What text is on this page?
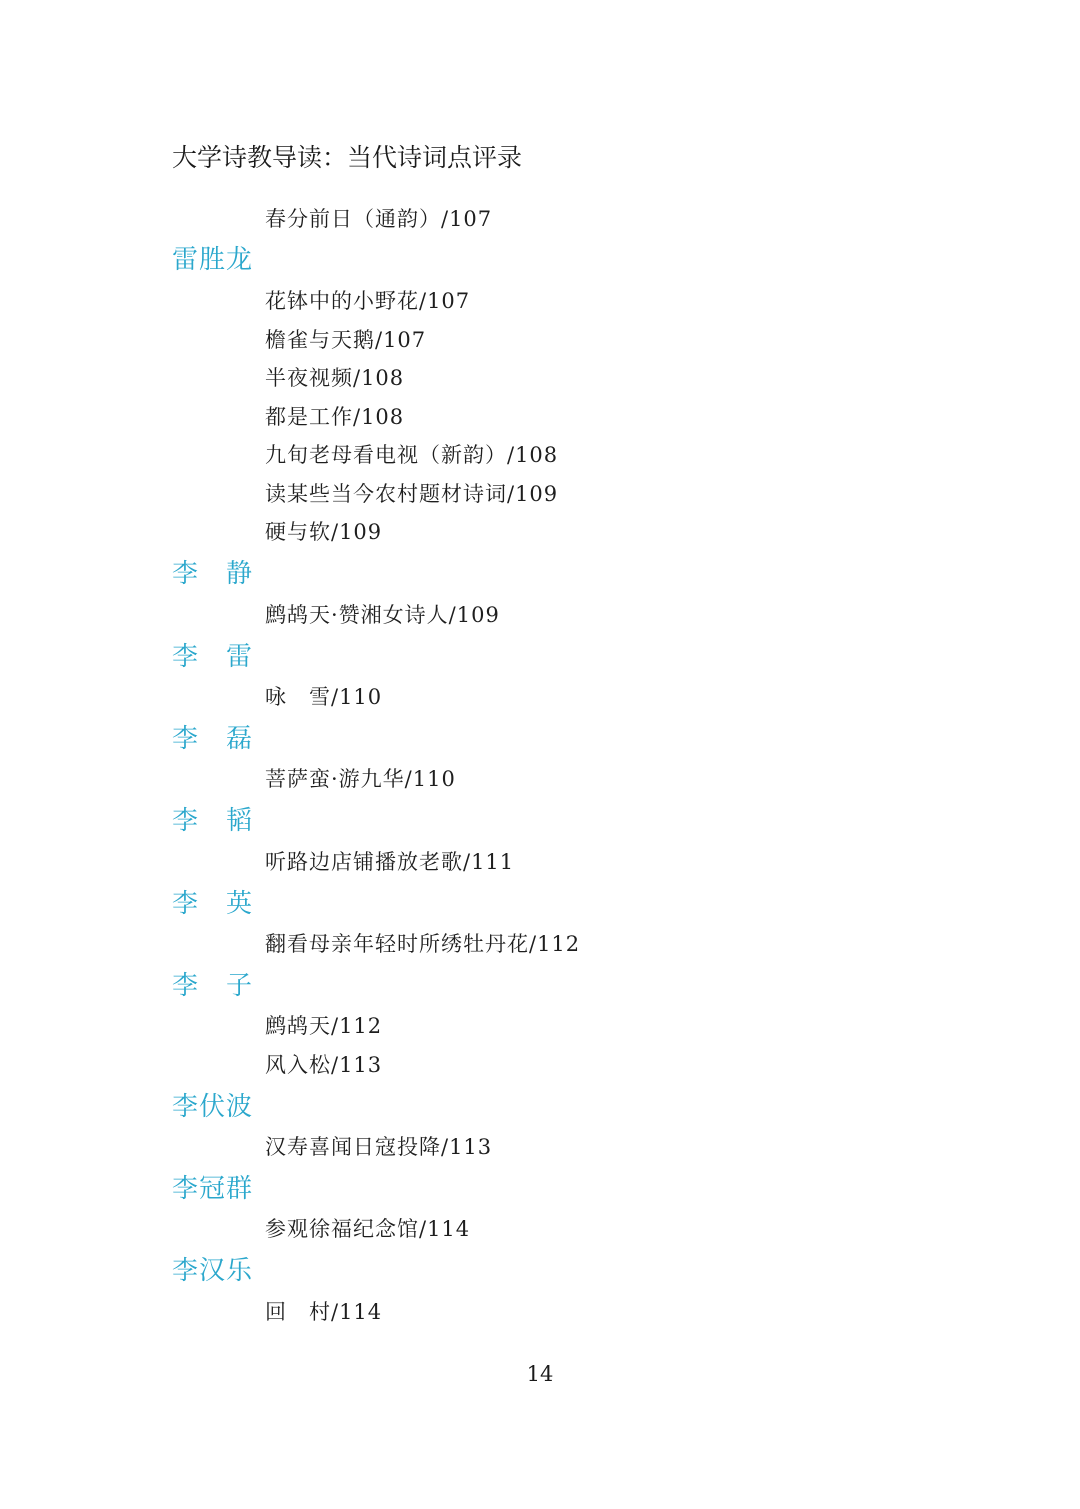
大学诗教导读：当代诗词点评录
春分前日（通韵）/107
雷胜龙
花钵中的小野花/107
檐雀与天鹅/107
半夜视频/108
都是工作/108
九旬老母看电视（新韵）/108
读某些当今农村题材诗词/109
硬与软/109
李　静
鹧鸪天·赞湘女诗人/109
李　雷
咏　雪/110
李　磊
菩萨蛮·游九华/110
李　韬
听路边店铺播放老歌/111
李　英
翻看母亲年轻时所绣牡丹花/112
李　子
鹧鸪天/112
风入松/113
李伏波
汉寿喜闻日寇投降/113
李冠群
参观徐福纪念馆/114
李汉乐
回　村/114
14
